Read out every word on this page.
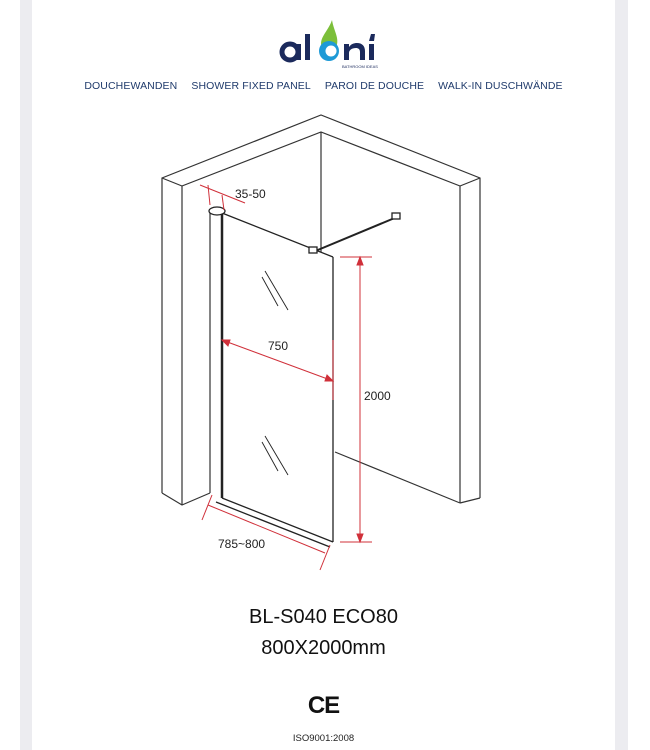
BATHROOM IDEAS
DOUCHEWANDEN SHOWER FIXED PANEL PAROI DE DOUCHE WALK-IN DUSCHWÄNDE
35-50
750
2000
785~800
BL-S040 ECO80
800X2000mm
CE
ISO9001:2008
